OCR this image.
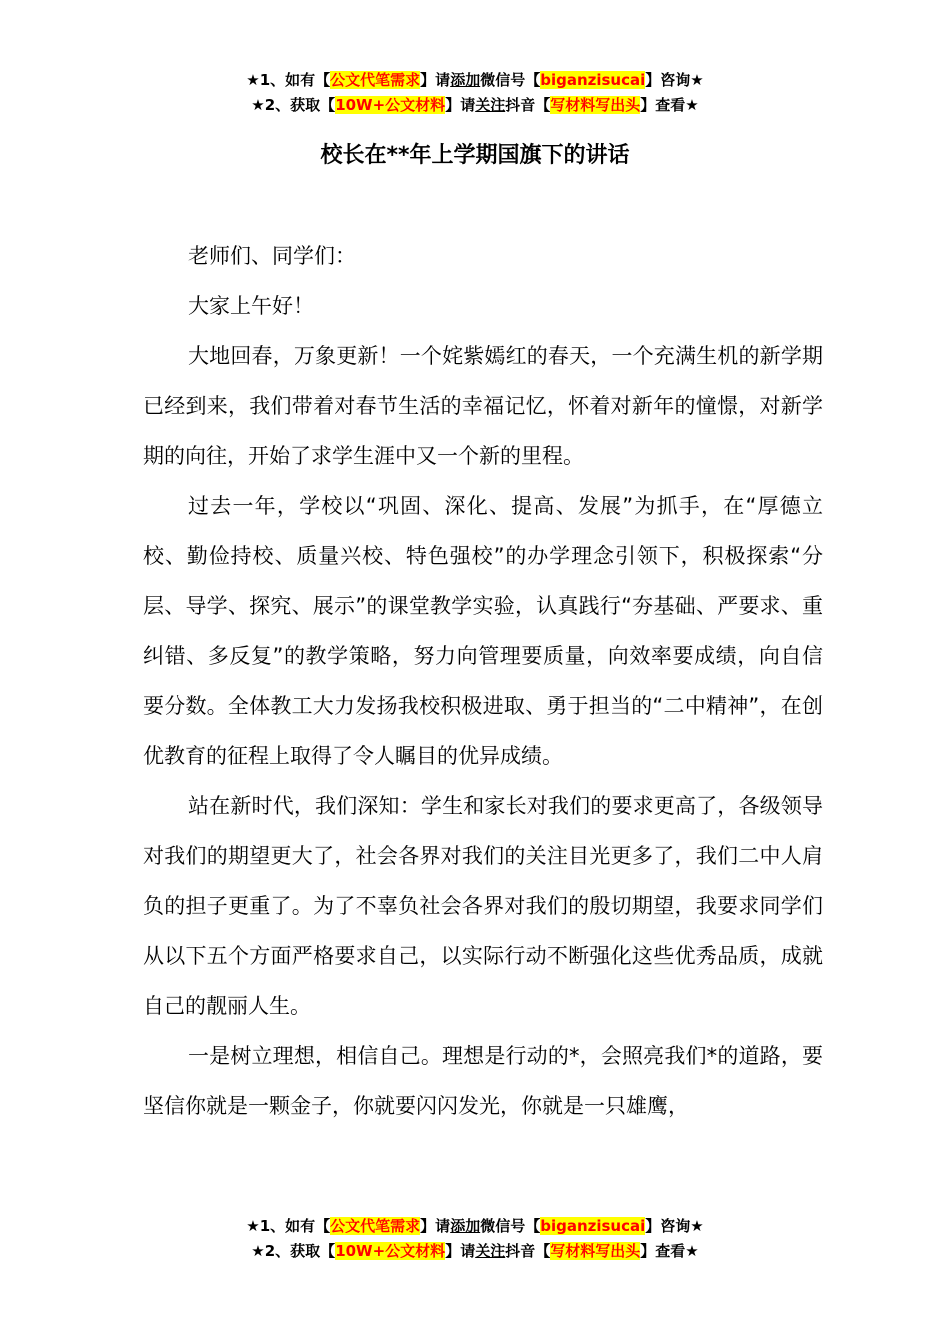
★1、如有【公文代笔需求】请添加微信号【biganzisucai】咨询★
★2、获取【10W+公文材料】请关注抖音【写材料写出头】查看★
校长在**年上学期国旗下的讲话

老师们、同学们：

大家上午好！

大地回春，万象更新！一个姹紫嫣红的春天，一个充满生机的新学期已经到来，我们带着对春节生活的幸福记忆，怀着对新年的憧憬，对新学期的向往，开始了求学生涯中又一个新的里程。

过去一年，学校以“巩固、深化、提高、发展”为抓手，在“厚德立校、勤俭持校、质量兴校、特色强校”的办学理念引领下，积极探索“分层、导学、探究、展示”的课堂教学实验，认真践行“夯基础、严要求、重纠错、多反复”的教学策略，努力向管理要质量，向效率要成绩，向自信要分数。全体教工大力发扬我校积极进取、勇于担当的“二中精神”，在创优教育的征程上取得了令人瞩目的优异成绩。

站在新时代，我们深知：学生和家长对我们的要求更高了，各级领导对我们的期望更大了，社会各界对我们的关注目光更多了，我们二中人肩负的担子更重了。为了不辜负社会各界对我们的殷切期望，我要求同学们从以下五个方面严格要求自己，以实际行动不断强化这些优秀品质，成就自己的靓丽人生。

一是树立理想，相信自己。理想是行动的*，会照亮我们*的道路，要坚信你就是一颗金子，你就要闪闪发光，你就是一只雄鹰，

★1、如有【公文代笔需求】请添加微信号【biganzisucai】咨询★
★2、获取【10W+公文材料】请关注抖音【写材料写出头】查看★
